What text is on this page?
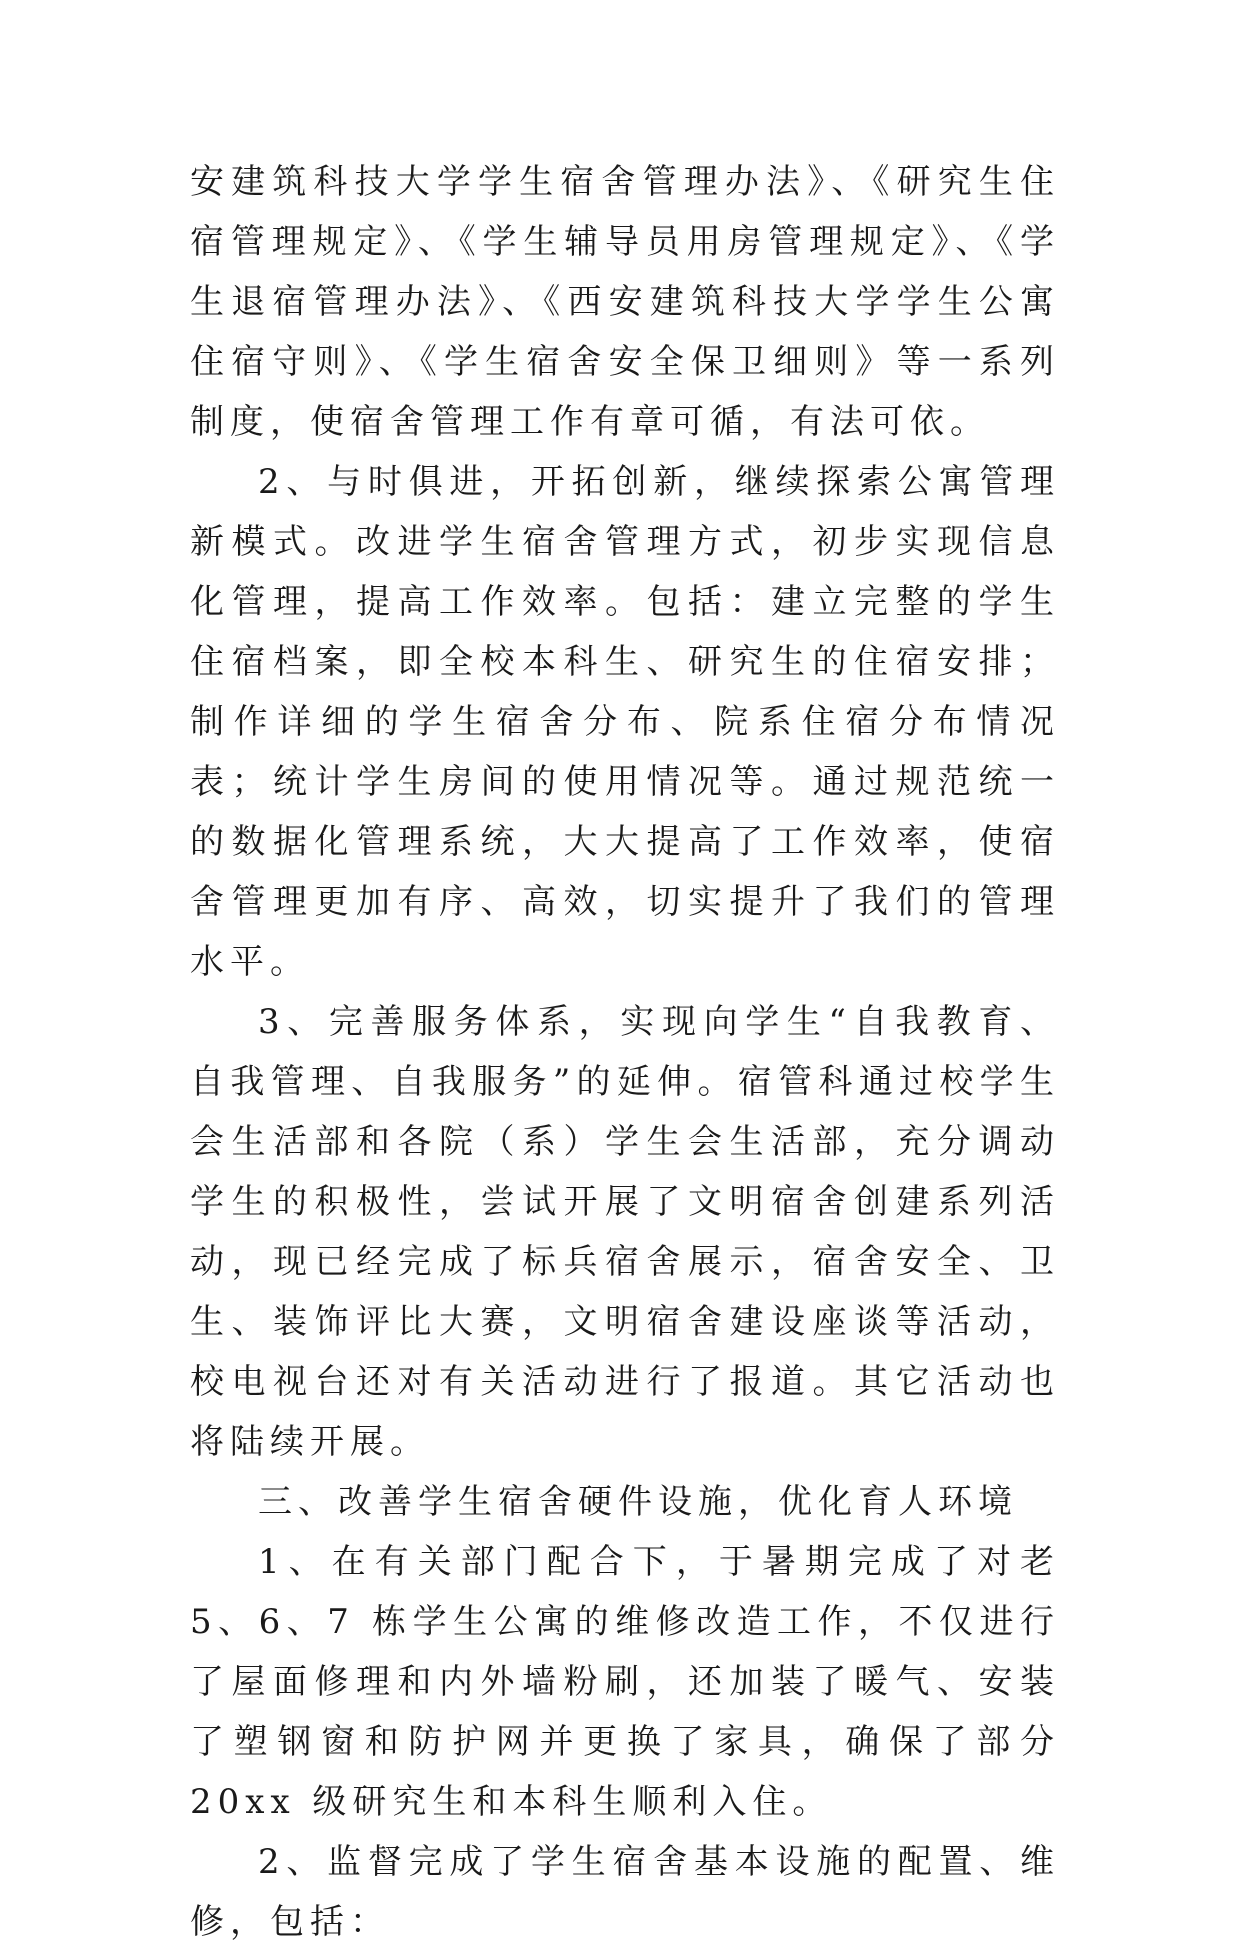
安建筑科技大学学生宿舍管理办法》、《研究生住宿管理规定》、《学生辅导员用房管理规定》、《学生退宿管理办法》、《西安建筑科技大学学生公寓住宿守则》、《学生宿舍安全保卫细则》等一系列制度，使宿舍管理工作有章可循，有法可依。

2、与时俱进，开拓创新，继续探索公寓管理新模式。改进学生宿舍管理方式，初步实现信息化管理，提高工作效率。包括：建立完整的学生住宿档案，即全校本科生、研究生的住宿安排；制作详细的学生宿舍分布、院系住宿分布情况表；统计学生房间的使用情况等。通过规范统一的数据化管理系统，大大提高了工作效率，使宿舍管理更加有序、高效，切实提升了我们的管理水平。

3、完善服务体系，实现向学生“自我教育、自我管理、自我服务”的延伸。宿管科通过校学生会生活部和各院（系）学生会生活部，充分调动学生的积极性，尝试开展了文明宿舍创建系列活动，现已经完成了标兵宿舍展示，宿舍安全、卫生、装饰评比大赛，文明宿舍建设座谈等活动，校电视台还对有关活动进行了报道。其它活动也将陆续开展。

三、改善学生宿舍硬件设施，优化育人环境

1、在有关部门配合下，于暑期完成了对老 5、6、7 栋学生公寓的维修改造工作，不仅进行了屋面修理和内外墙粉刷，还加装了暖气、安装了塑钢窗和防护网并更换了家具，确保了部分 20xx 级研究生和本科生顺利入住。

2、监督完成了学生宿舍基本设施的配置、维修，包括：
